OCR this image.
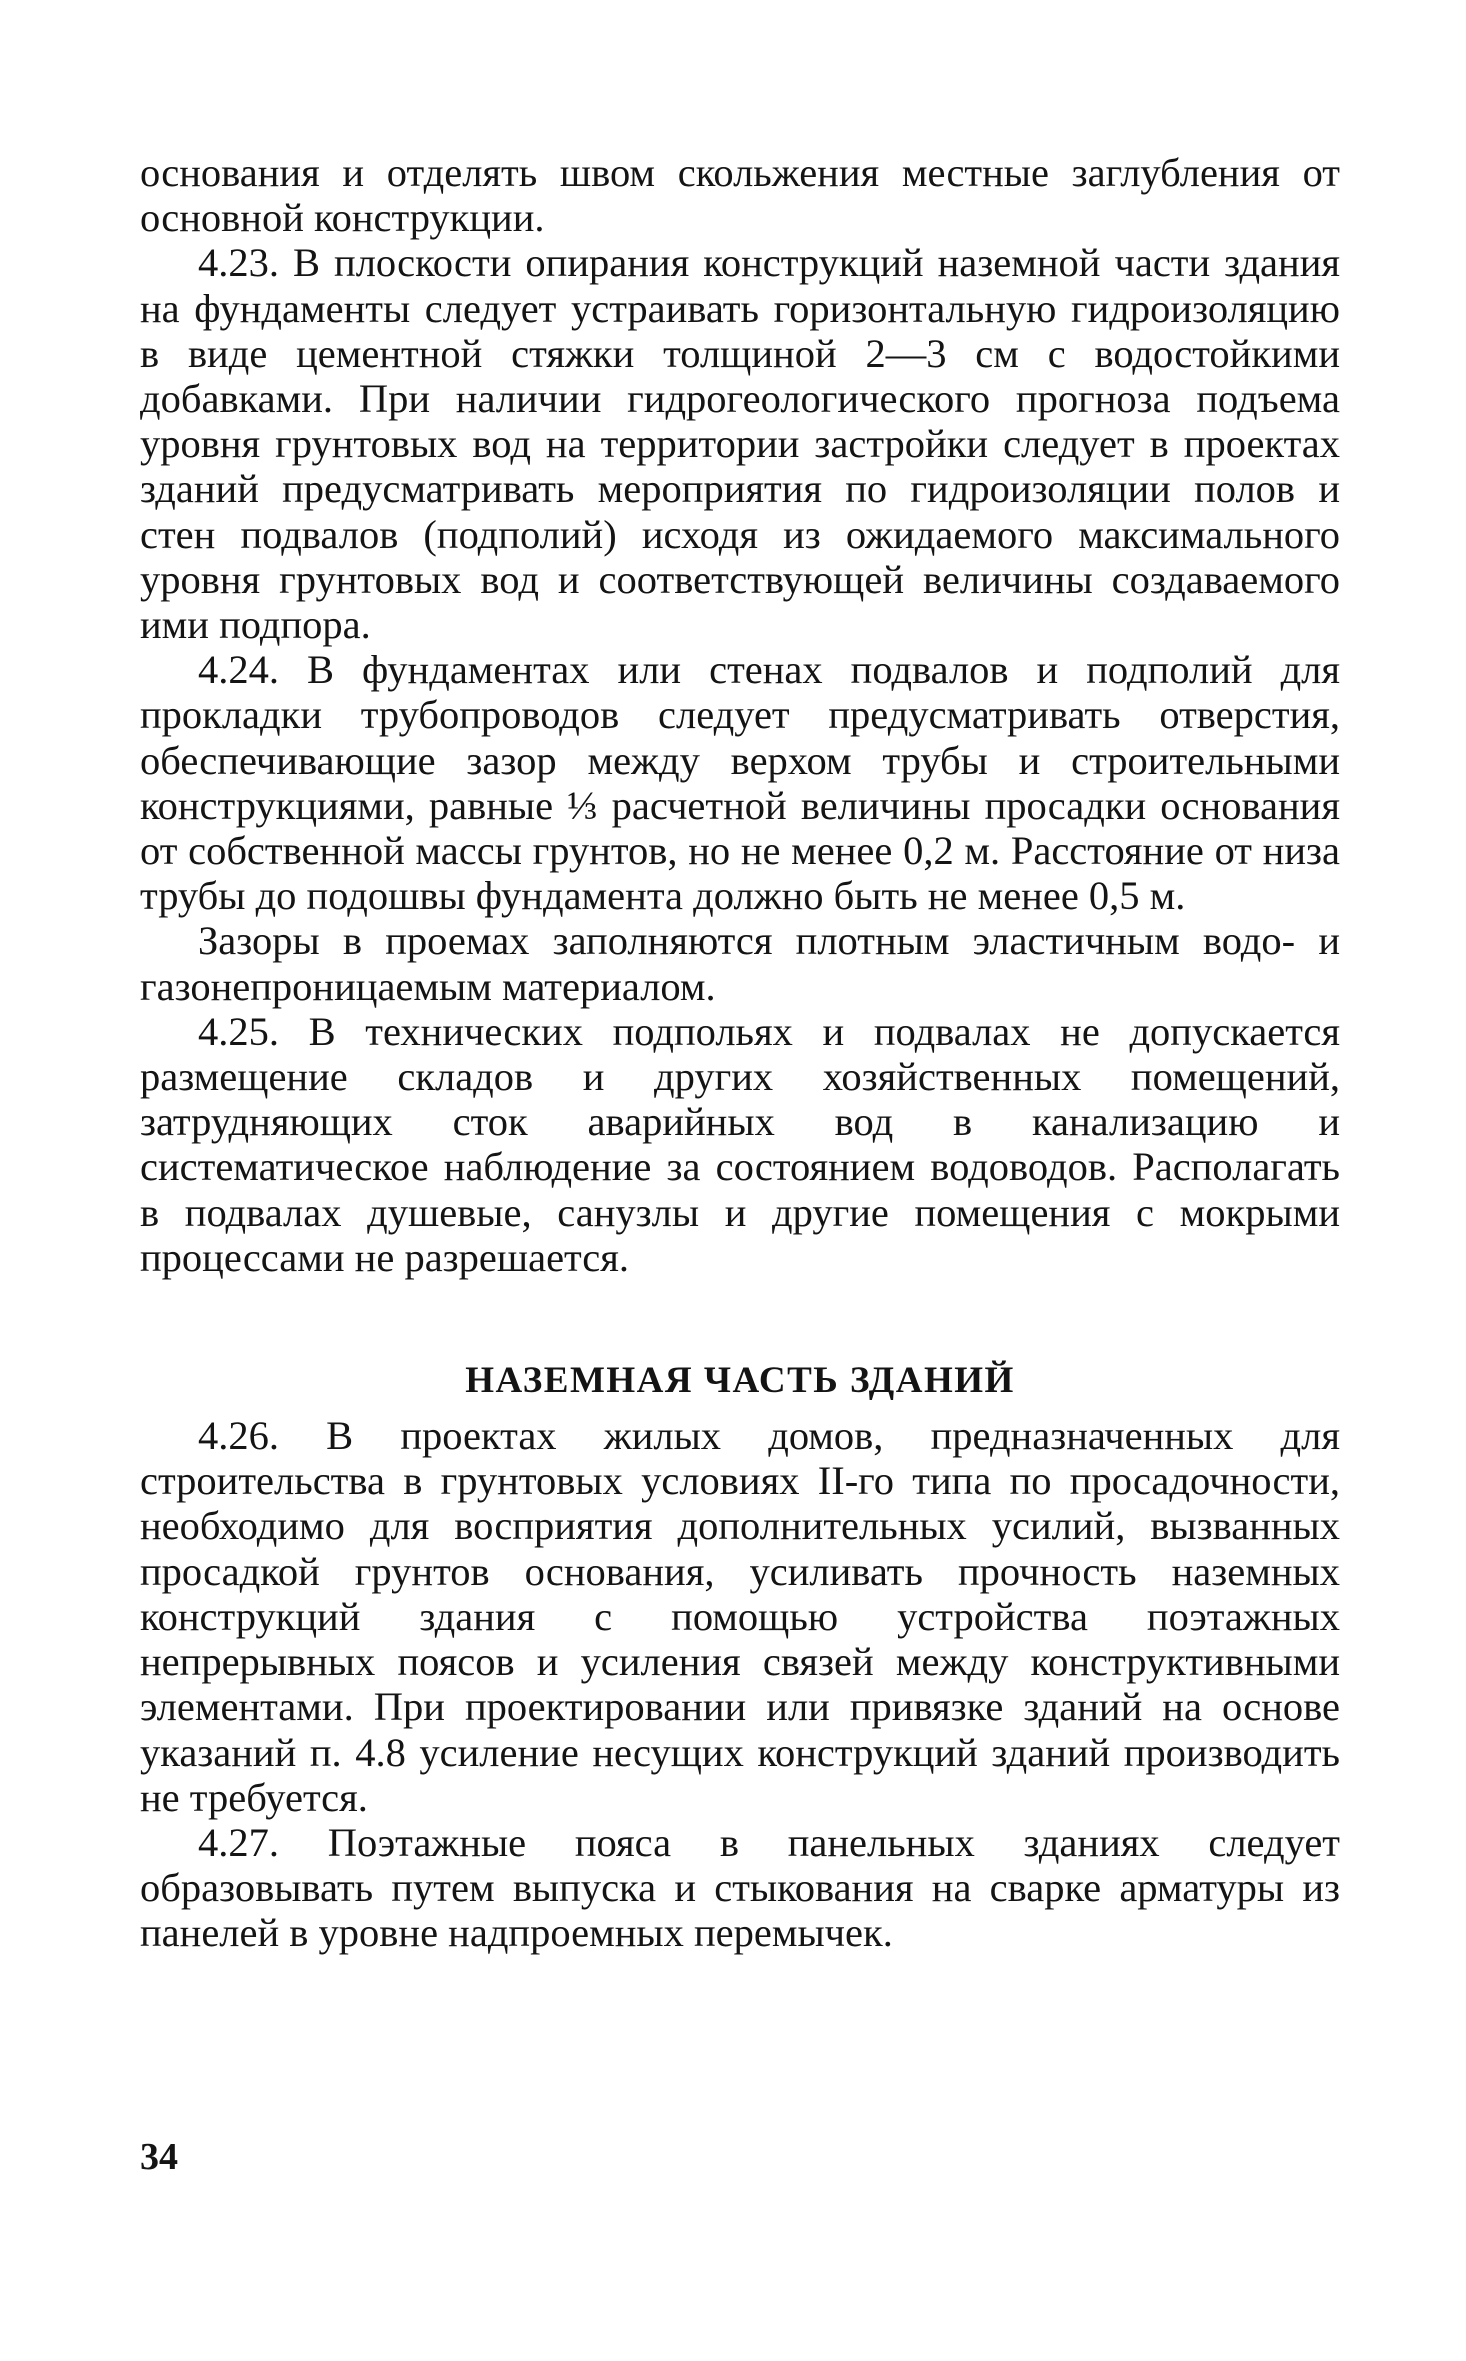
основания и отделять швом скольжения местные заглубления от основной конструкции.

4.23. В плоскости опирания конструкций наземной части здания на фундаменты следует устраивать горизонтальную гидроизоляцию в виде цементной стяжки толщиной 2—3 см с водостойкими добавками. При наличии гидрогеологического прогноза подъема уровня грунтовых вод на территории застройки следует в проектах зданий предусматривать мероприятия по гидроизоляции полов и стен подвалов (подполий) исходя из ожидаемого максимального уровня грунтовых вод и соответствующей величины создаваемого ими подпора.

4.24. В фундаментах или стенах подвалов и подполий для прокладки трубопроводов следует предусматривать отверстия, обеспечивающие зазор между верхом трубы и строительными конструкциями, равные ⅓ расчетной величины просадки основания от собственной массы грунтов, но не менее 0,2 м. Расстояние от низа трубы до подошвы фундамента должно быть не менее 0,5 м.

Зазоры в проемах заполняются плотным эластичным водо- и газонепроницаемым материалом.

4.25. В технических подпольях и подвалах не допускается размещение складов и других хозяйственных помещений, затрудняющих сток аварийных вод в канализацию и систематическое наблюдение за состоянием водоводов. Располагать в подвалах душевые, санузлы и другие помещения с мокрыми процессами не разрешается.

НАЗЕМНАЯ ЧАСТЬ ЗДАНИЙ

4.26. В проектах жилых домов, предназначенных для строительства в грунтовых условиях II-го типа по просадочности, необходимо для восприятия дополнительных усилий, вызванных просадкой грунтов основания, усиливать прочность наземных конструкций здания с помощью устройства поэтажных непрерывных поясов и усиления связей между конструктивными элементами. При проектировании или привязке зданий на основе указаний п. 4.8 усиление несущих конструкций зданий производить не требуется.

4.27. Поэтажные пояса в панельных зданиях следует образовывать путем выпуска и стыкования на сварке арматуры из панелей в уровне надпроемных перемычек.

34
